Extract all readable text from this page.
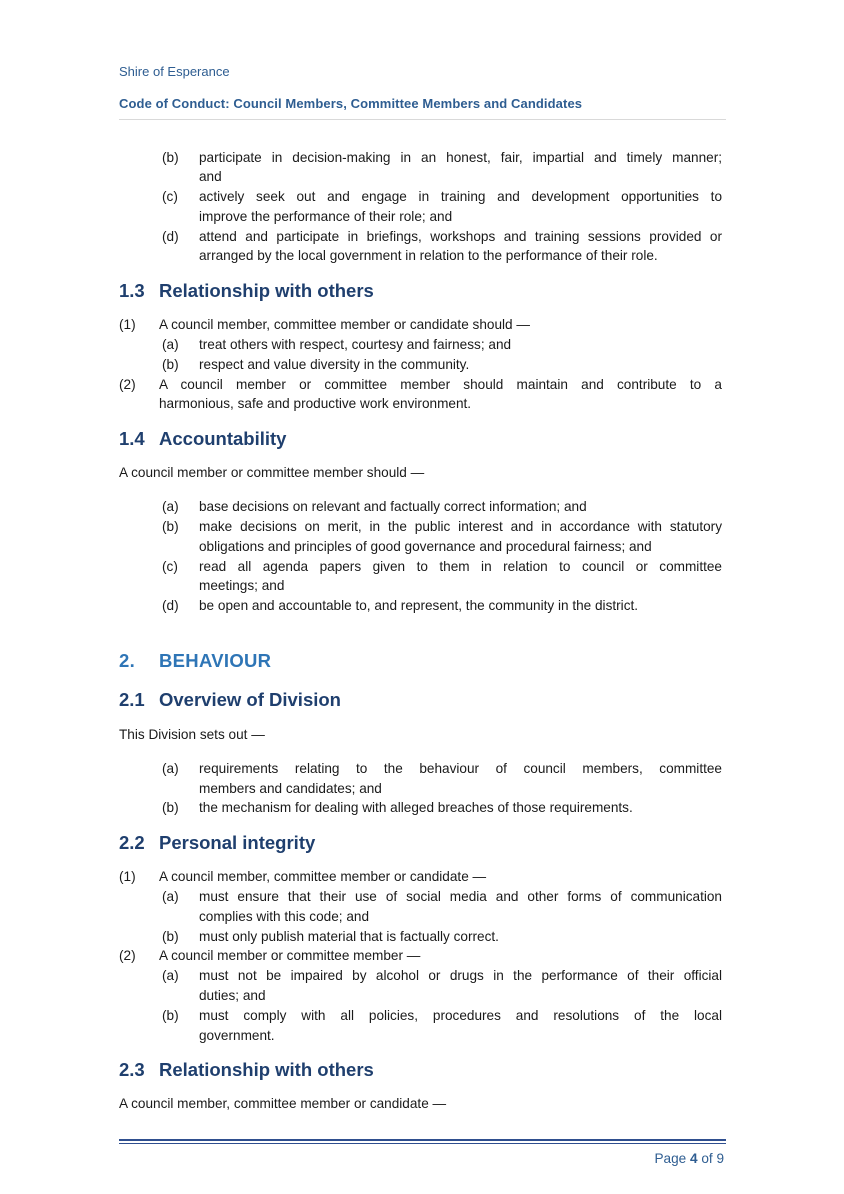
Shire of Esperance
Code of Conduct: Council Members, Committee Members and Candidates
(b) participate in decision-making in an honest, fair, impartial and timely manner;
and
(c) actively seek out and engage in training and development opportunities to
improve the performance of their role; and
(d) attend and participate in briefings, workshops and training sessions provided or
arranged by the local government in relation to the performance of their role.
1.3 Relationship with others
(1) A council member, committee member or candidate should —
(a) treat others with respect, courtesy and fairness; and
(b) respect and value diversity in the community.
(2) A council member or committee member should maintain and contribute to a
harmonious, safe and productive work environment.
1.4 Accountability
A council member or committee member should —
(a) base decisions on relevant and factually correct information; and
(b) make decisions on merit, in the public interest and in accordance with statutory
obligations and principles of good governance and procedural fairness; and
(c) read all agenda papers given to them in relation to council or committee
meetings; and
(d) be open and accountable to, and represent, the community in the district.
2. BEHAVIOUR
2.1 Overview of Division
This Division sets out —
(a) requirements relating to the behaviour of council members, committee
members and candidates; and
(b) the mechanism for dealing with alleged breaches of those requirements.
2.2 Personal integrity
(1) A council member, committee member or candidate —
(a) must ensure that their use of social media and other forms of communication
complies with this code; and
(b) must only publish material that is factually correct.
(2) A council member or committee member —
(a) must not be impaired by alcohol or drugs in the performance of their official
duties; and
(b) must comply with all policies, procedures and resolutions of the local
government.
2.3 Relationship with others
A council member, committee member or candidate —
Page 4 of 9
